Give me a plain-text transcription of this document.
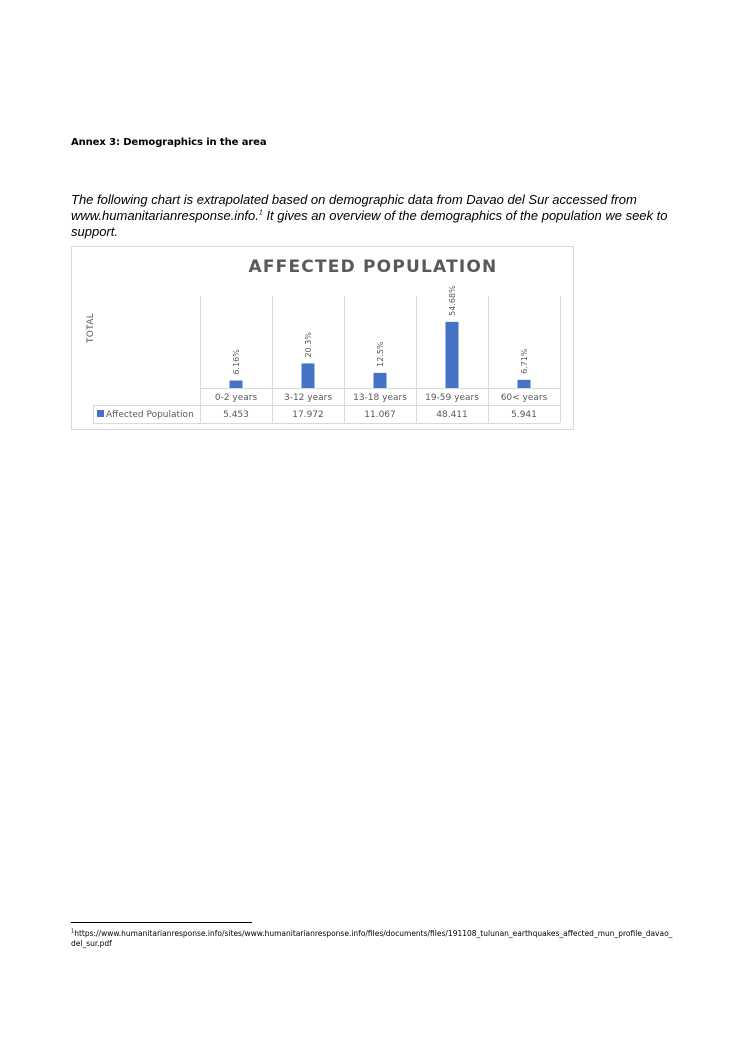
Annex 3: Demographics in the area

The following chart is extrapolated based on demographic data from Davao del Sur accessed from www.humanitarianresponse.info.$^1$ It gives an overview of the demographics of the population we seek to support.

AFFECTED POPULATION
TOTAL
6.16%
0-2 years
5.453
20.3%
3-12 years
17.972
12.5%
13-18 years
11.067
54.68%
19-59 years
48.411
6.71%
60< years
5.941
Affected Population

$^1$https://www.humanitarianresponse.info/sites/www.humanitarianresponse.info/files/documents/files/191108_tulunan_earthquakes_affected_mun_profile_davao_del_sur.pdf
